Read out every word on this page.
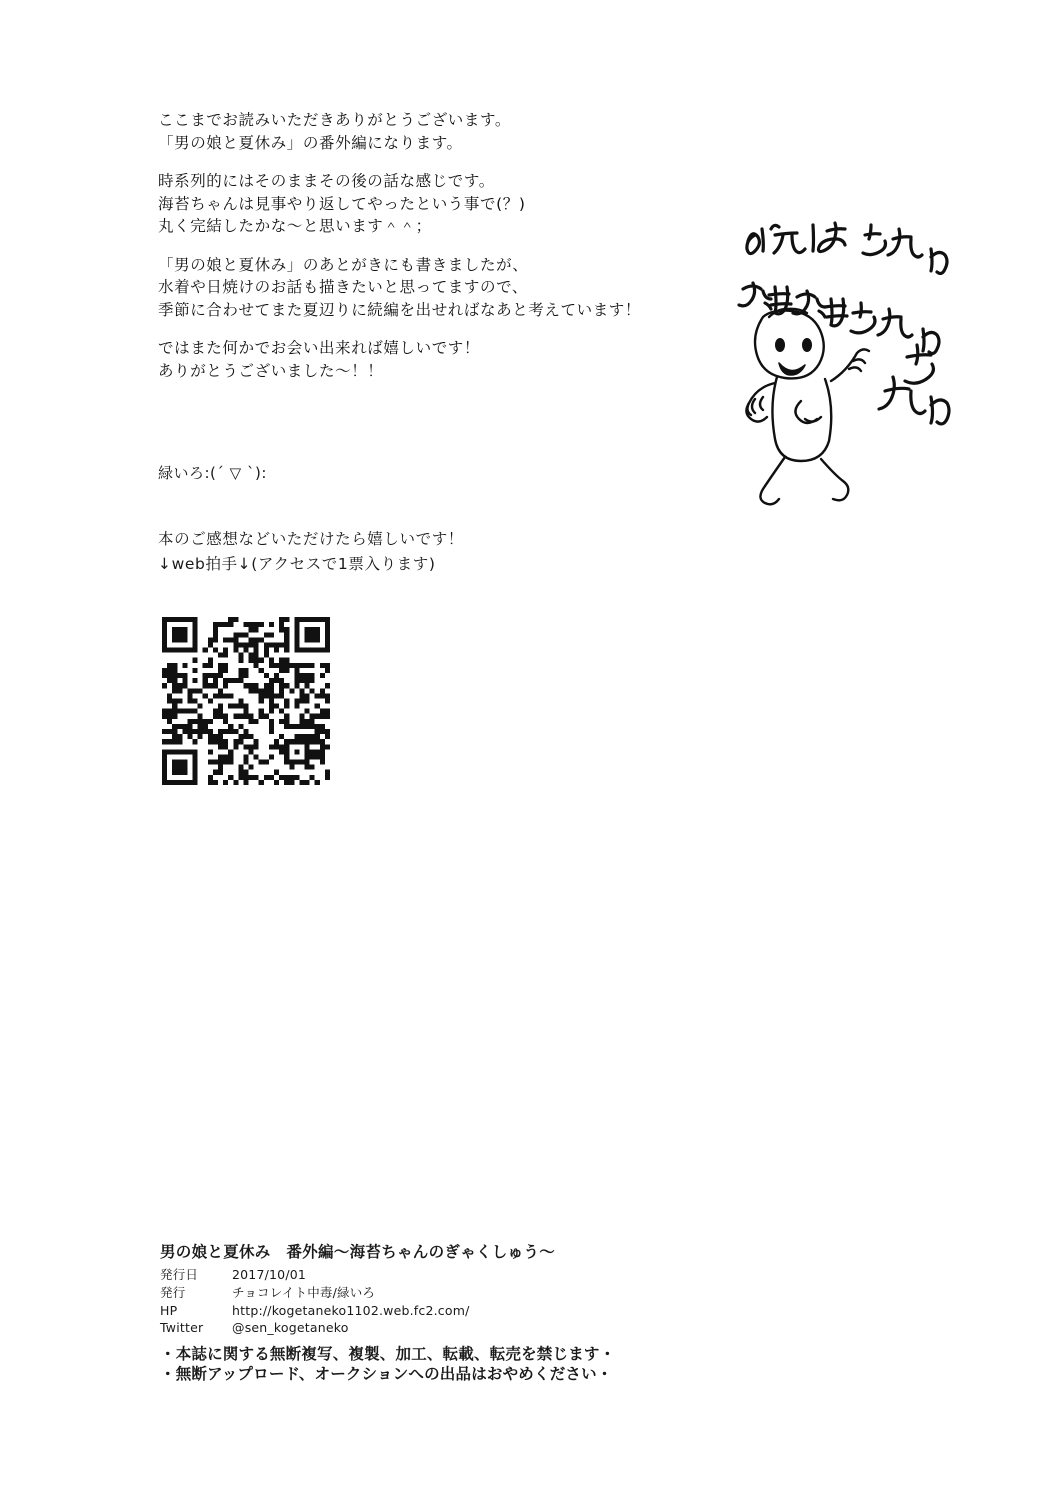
ここまでお読みいただきありがとうございます。
「男の娘と夏休み」の番外編になります。
時系列的にはそのままその後の話な感じです。
海苔ちゃんは見事やり返してやったという事で(？)
丸く完結したかな～と思います＾＾；
「男の娘と夏休み」のあとがきにも書きましたが、
水着や日焼けのお話も描きたいと思ってますので、
季節に合わせてまた夏辺りに続編を出せればなあと考えています！
ではまた何かでお会い出来れば嬉しいです！
ありがとうございました～！！
緑いろ:(´ ▽ `):
本のご感想などいただけたら嬉しいです！
↓web拍手↓(アクセスで1票入ります)
男の娘と夏休み　番外編～海苔ちゃんのぎゃくしゅう～
発行日	2017/10/01
発行	チョコレイト中毒/緑いろ
HP	http://kogetaneko1102.web.fc2.com/
Twitter	@sen_kogetaneko
・本誌に関する無断複写、複製、加工、転載、転売を禁じます・
・無断アップロード、オークションへの出品はおやめください・
